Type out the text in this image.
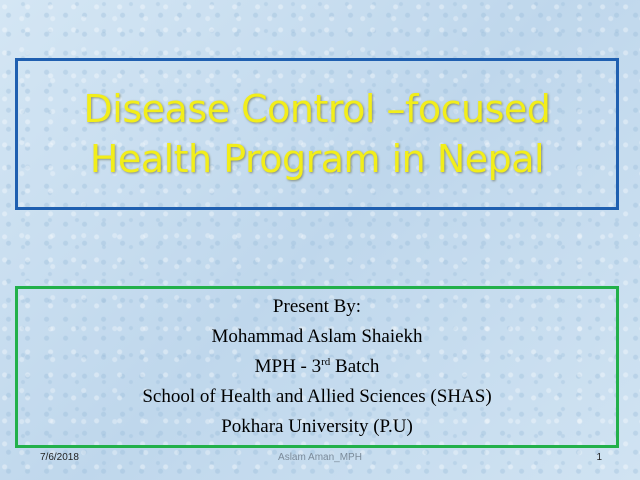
Disease Control –focused
Health Program in Nepal
Present By:
Mohammad Aslam Shaiekh
MPH - 3rd Batch
School of Health and Allied Sciences (SHAS)
Pokhara University (P.U)
7/6/2018	Aslam Aman_MPH	1
